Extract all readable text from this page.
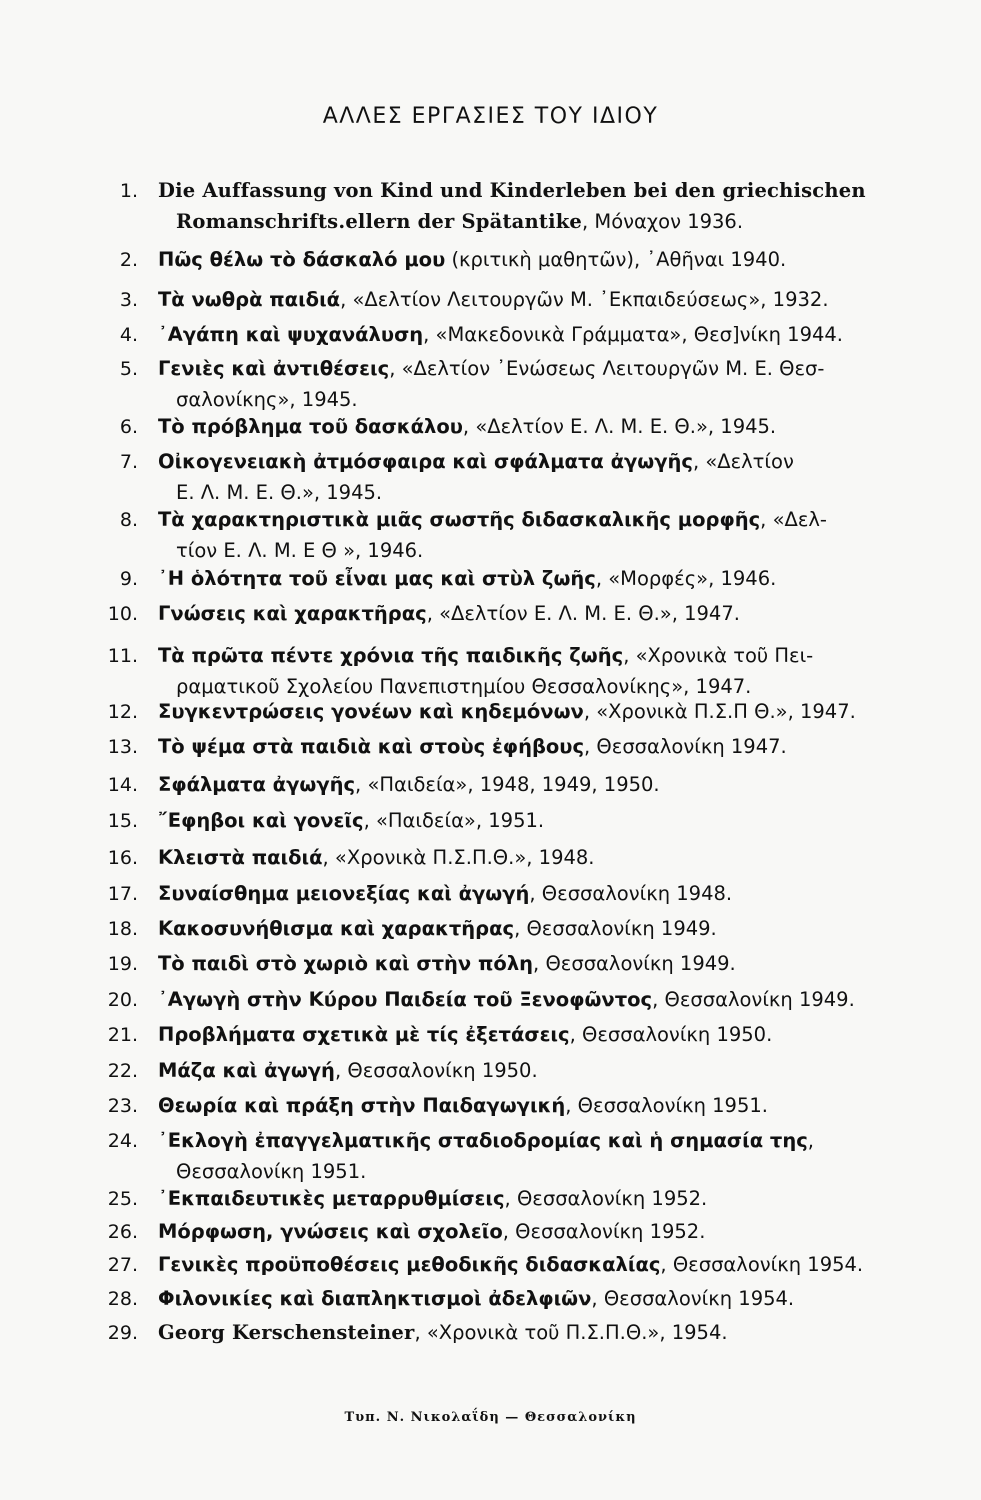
ΑΛΛΕΣ ΕΡΓΑΣΙΕΣ ΤΟΥ ΙΔΙΟΥ
1. Die Auffassung von Kind und Kinderleben bei den griechischen
Romanschrifts.ellern der Spätantike, Μόναχον 1936.
2. Πῶς θέλω τὸ δάσκαλό μου (κριτικὴ μαθητῶν), ᾽Αθῆναι 1940.
3. Τὰ νωθρὰ παιδιά, «Δελτίον Λειτουργῶν Μ. ᾽Εκπαιδεύσεως», 1932.
4. ᾽Αγάπη καὶ ψυχανάλυση, «Μακεδονικὰ Γράμματα», Θεσ]νίκη 1944.
5. Γενιὲς καὶ ἀντιθέσεις, «Δελτίον ᾽Ενώσεως Λειτουργῶν Μ. Ε. Θεσ-
σαλονίκης», 1945.
6. Τὸ πρόβλημα τοῦ δασκάλου, «Δελτίον Ε. Λ. Μ. Ε. Θ.», 1945.
7. Οἰκογενειακὴ ἀτμόσφαιρα καὶ σφάλματα ἀγωγῆς, «Δελτίον
Ε. Λ. Μ. Ε. Θ.», 1945.
8. Τὰ χαρακτηριστικὰ μιᾶς σωστῆς διδασκαλικῆς μορφῆς, «Δελ-
τίον Ε. Λ. Μ. Ε Θ », 1946.
9. ᾽Η ὁλότητα τοῦ εἶναι μας καὶ στὺλ ζωῆς, «Μορφές», 1946.
10. Γνώσεις καὶ χαρακτῆρας, «Δελτίον Ε. Λ. Μ. Ε. Θ.», 1947.
11. Τὰ πρῶτα πέντε χρόνια τῆς παιδικῆς ζωῆς, «Χρονικὰ τοῦ Πει-
ραματικοῦ Σχολείου Πανεπιστημίου Θεσσαλονίκης», 1947.
12. Συγκεντρώσεις γονέων καὶ κηδεμόνων, «Χρονικὰ Π.Σ.Π Θ.», 1947.
13. Τὸ ψέμα στὰ παιδιὰ καὶ στοὺς ἐφήβους, Θεσσαλονίκη 1947.
14. Σφάλματα ἀγωγῆς, «Παιδεία», 1948, 1949, 1950.
15. ῎Εφηβοι καὶ γονεῖς, «Παιδεία», 1951.
16. Κλειστὰ παιδιά, «Χρονικὰ Π.Σ.Π.Θ.», 1948.
17. Συναίσθημα μειονεξίας καὶ ἀγωγή, Θεσσαλονίκη 1948.
18. Κακοσυνήθισμα καὶ χαρακτῆρας, Θεσσαλονίκη 1949.
19. Τὸ παιδὶ στὸ χωριὸ καὶ στὴν πόλη, Θεσσαλονίκη 1949.
20. ᾽Αγωγὴ στὴν Κύρου Παιδεία τοῦ Ξενοφῶντος, Θεσσαλονίκη 1949.
21. Προβλήματα σχετικὰ μὲ τίς ἐξετάσεις, Θεσσαλονίκη 1950.
22. Μάζα καὶ ἀγωγή, Θεσσαλονίκη 1950.
23. Θεωρία καὶ πράξη στὴν Παιδαγωγική, Θεσσαλονίκη 1951.
24. ᾽Εκλογὴ ἐπαγγελματικῆς σταδιοδρομίας καὶ ἡ σημασία της,
Θεσσαλονίκη 1951.
25. ᾽Εκπαιδευτικὲς μεταρρυθμίσεις, Θεσσαλονίκη 1952.
26. Μόρφωση, γνώσεις καὶ σχολεῖο, Θεσσαλονίκη 1952.
27. Γενικὲς προϋποθέσεις μεθοδικῆς διδασκαλίας, Θεσσαλονίκη 1954.
28. Φιλονικίες καὶ διαπληκτισμοὶ ἀδελφιῶν, Θεσσαλονίκη 1954.
29. Georg Kerschensteiner, «Χρονικὰ τοῦ Π.Σ.Π.Θ.», 1954.
Τυπ. Ν. Νικολαΐδη — Θεσσαλονίκη
